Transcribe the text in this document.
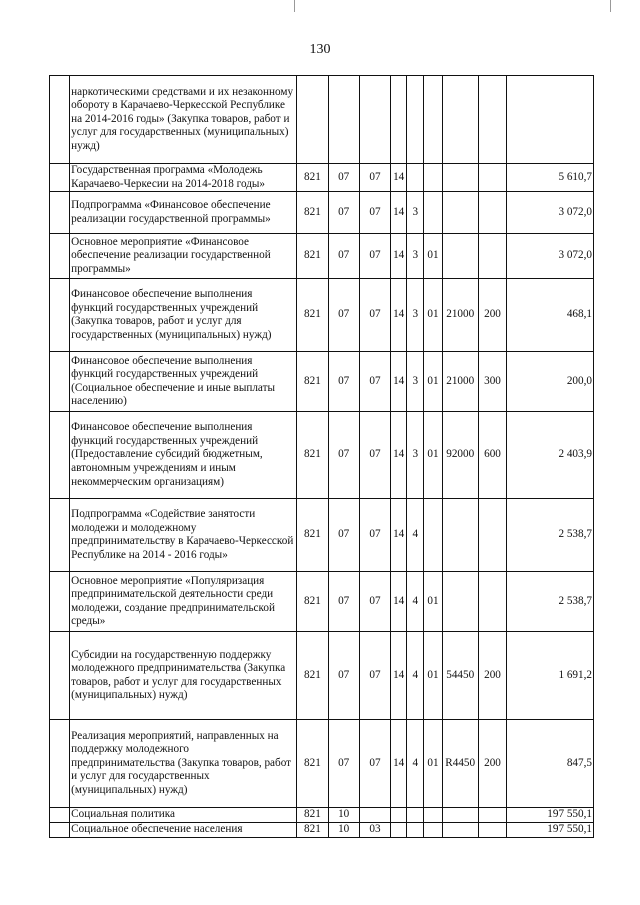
130
	наркотическими средствами и их незаконному обороту в Карачаево-Черкесской Республике на 2014-2016 годы» (Закупка товаров, работ и услуг для государственных (муниципальных) нужд)									
	Государственная программа «Молодежь Карачаево-Черкесии на 2014-2018 годы»	821	07	07	14					5 610,7
	Подпрограмма «Финансовое обеспечение реализации государственной программы»	821	07	07	14	3				3 072,0
	Основное мероприятие «Финансовое обеспечение реализации государственной программы»	821	07	07	14	3	01			3 072,0
	Финансовое обеспечение выполнения функций государственных учреждений (Закупка товаров, работ и услуг для государственных (муниципальных) нужд)	821	07	07	14	3	01	21000	200	468,1
	Финансовое обеспечение выполнения функций государственных учреждений (Социальное обеспечение и иные выплаты населению)	821	07	07	14	3	01	21000	300	200,0
	Финансовое обеспечение выполнения функций государственных учреждений (Предоставление субсидий бюджетным, автономным учреждениям и иным некоммерческим организациям)	821	07	07	14	3	01	92000	600	2 403,9
	Подпрограмма «Содействие занятости молодежи и молодежному предпринимательству в Карачаево-Черкесской Республике на 2014 - 2016 годы»	821	07	07	14	4				2 538,7
	Основное мероприятие «Популяризация предпринимательской деятельности среди молодежи, создание предпринимательской среды»	821	07	07	14	4	01			2 538,7
	Субсидии на государственную поддержку молодежного предпринимательства (Закупка товаров, работ и услуг для государственных (муниципальных) нужд)	821	07	07	14	4	01	54450	200	1 691,2
	Реализация мероприятий, направленных на поддержку молодежного предпринимательства (Закупка товаров, работ и услуг для государственных (муниципальных) нужд)	821	07	07	14	4	01	R4450	200	847,5
	Социальная политика	821	10							197 550,1
	Социальное обеспечение населения	821	10	03						197 550,1
